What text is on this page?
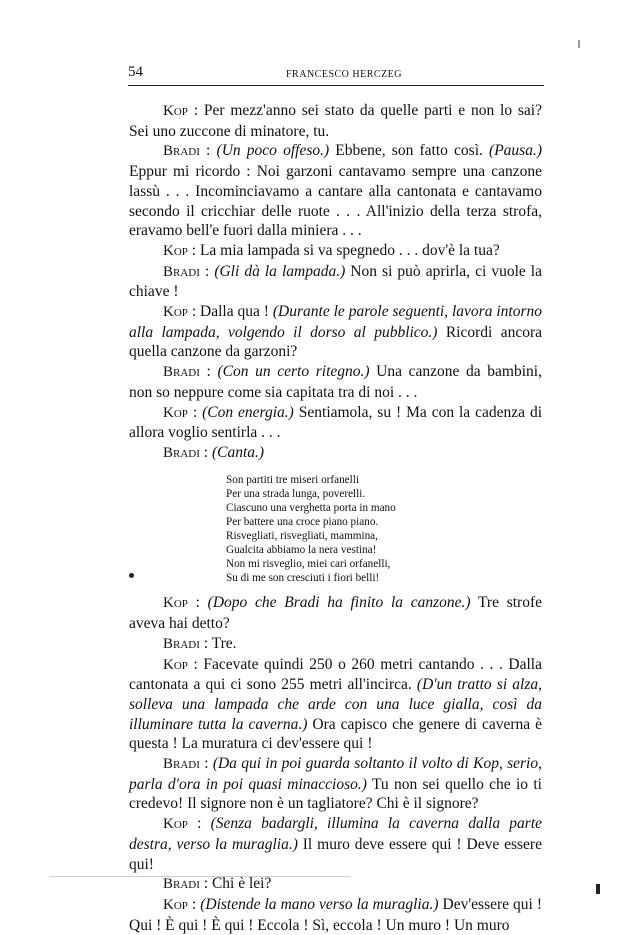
54	FRANCESCO HERCZEG

Kop : Per mezz'anno sei stato da quelle parti e non lo sai? Sei uno zuccone di minatore, tu.

Bradi : (Un poco offeso.) Ebbene, son fatto così. (Pausa.) Eppur mi ricordo : Noi garzoni cantavamo sempre una canzone lassù . . . Incominciavamo a cantare alla cantonata e cantavamo secondo il cricchiar delle ruote . . . All'inizio della terza strofa, eravamo bell'e fuori dalla miniera . . .

Kop : La mia lampada si va spegnedo . . . dov'è la tua?

Bradi : (Gli dà la lampada.) Non si può aprirla, ci vuole la chiave !

Kop : Dalla qua ! (Durante le parole seguenti, lavora intorno alla lampada, volgendo il dorso al pubblico.) Ricordi ancora quella canzone da garzoni?

Bradi : (Con un certo ritegno.) Una canzone da bambini, non so neppure come sia capitata tra di noi . . .

Kop : (Con energia.) Sentiamola, su ! Ma con la cadenza di allora voglio sentirla . . .

Bradi : (Canta.)

Son partiti tre miseri orfanelli
Per una strada lunga, poverelli.
Ciascuno una verghetta porta in mano
Per battere una croce piano piano.
Risvegliati, risvegliati, mammina,
Gualcita abbiamo la nera vestina!
Non mi risveglio, miei cari orfanelli,
Su di me son cresciuti i fiori belli!

Kop : (Dopo che Bradi ha finito la canzone.) Tre strofe aveva hai detto?

Bradi : Tre.

Kop : Facevate quindi 250 o 260 metri cantando . . . Dalla cantonata a qui ci sono 255 metri all'incirca. (D'un tratto si alza, solleva una lampada che arde con una luce gialla, così da illuminare tutta la caverna.) Ora capisco che genere di caverna è questa ! La muratura ci dev'essere qui !

Bradi : (Da qui in poi guarda soltanto il volto di Kop, serio, parla d'ora in poi quasi minaccioso.) Tu non sei quello che io ti credevo! Il signore non è un tagliatore? Chi è il signore?

Kop : (Senza badargli, illumina la caverna dalla parte destra, verso la muraglia.) Il muro deve essere qui ! Deve essere qui!

Bradi : Chi è lei?

Kop : (Distende la mano verso la muraglia.) Dev'essere qui ! Qui ! È qui ! È qui ! Eccola ! Sì, eccola ! Un muro ! Un muro
